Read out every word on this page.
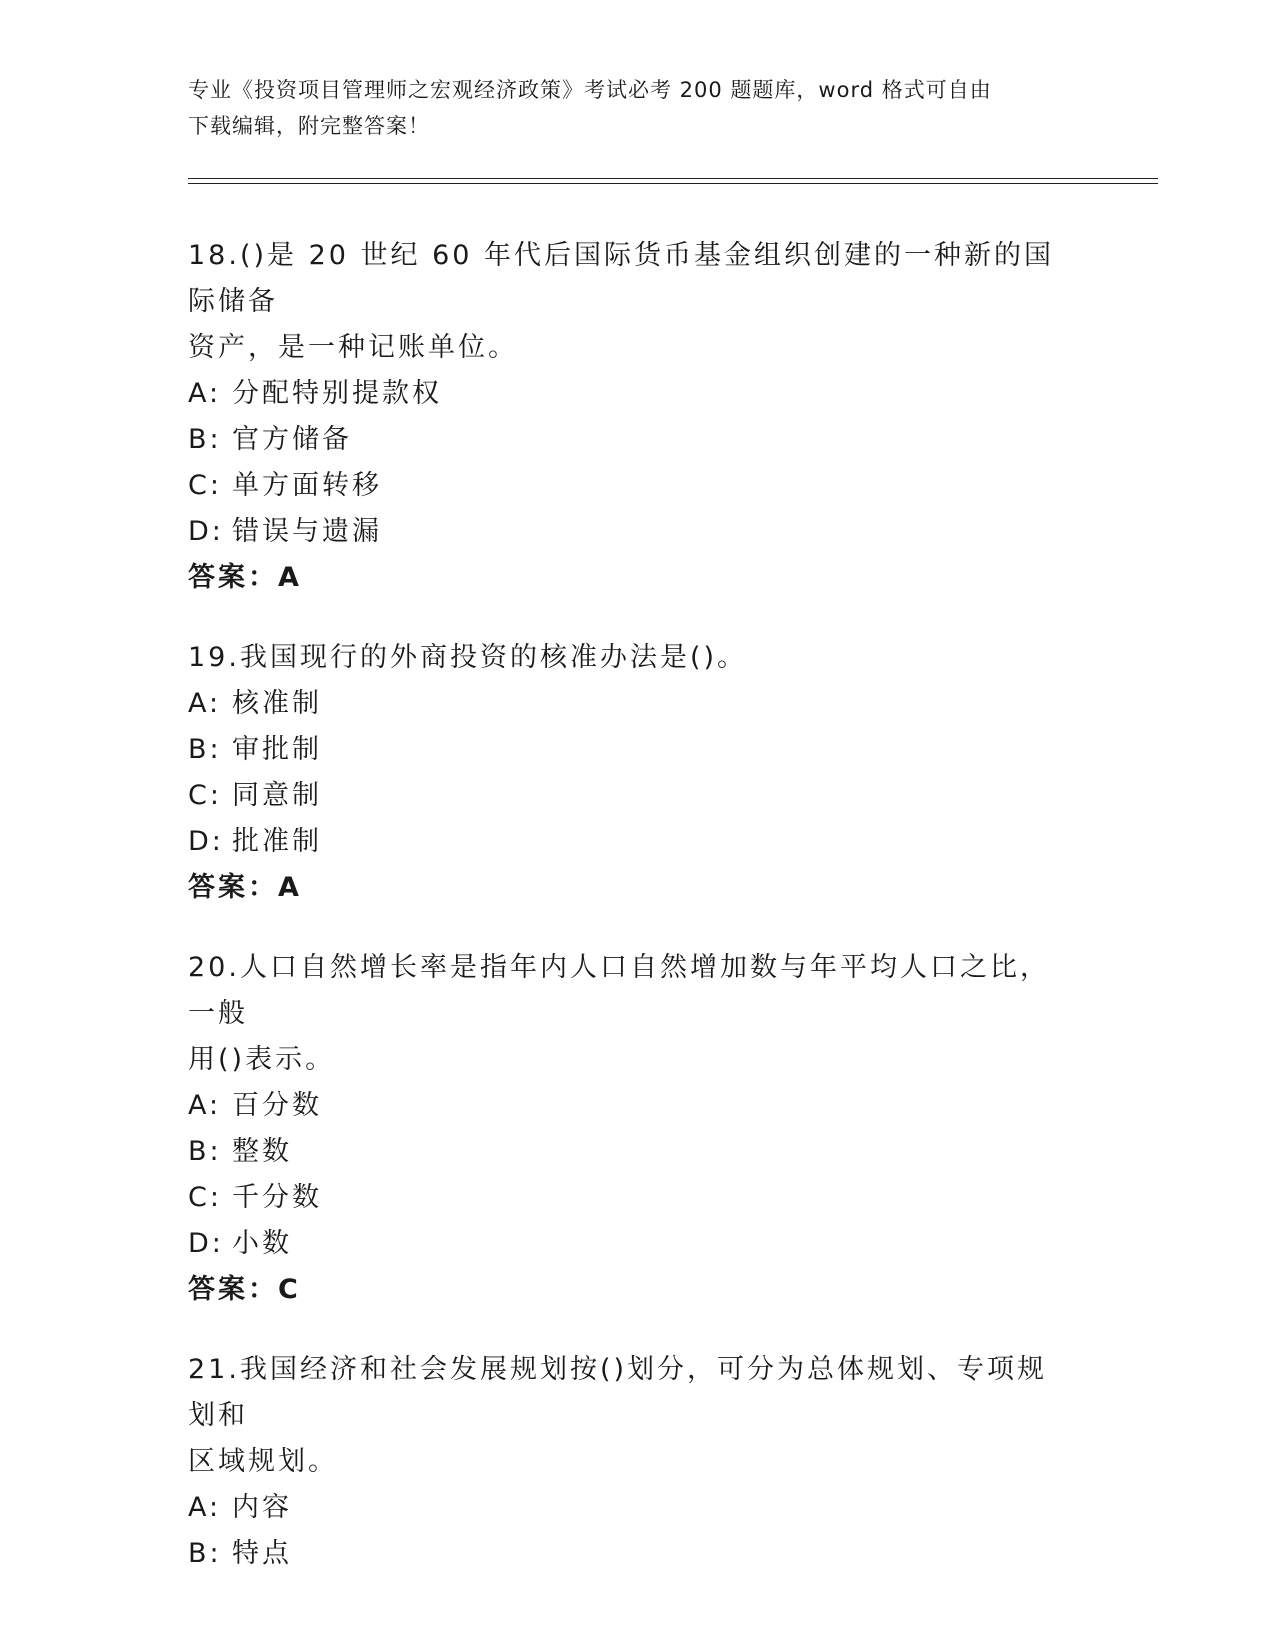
专业《投资项目管理师之宏观经济政策》考试必考 200 题题库，word 格式可自由
下载编辑，附完整答案！
18.()是 20 世纪 60 年代后国际货币基金组织创建的一种新的国际储备
资产，是一种记账单位。
A: 分配特别提款权
B: 官方储备
C: 单方面转移
D: 错误与遗漏
答案：A
19.我国现行的外商投资的核准办法是()。
A: 核准制
B: 审批制
C: 同意制
D: 批准制
答案：A
20.人口自然增长率是指年内人口自然增加数与年平均人口之比，一般
用()表示。
A: 百分数
B: 整数
C: 千分数
D: 小数
答案：C
21.我国经济和社会发展规划按()划分，可分为总体规划、专项规划和
区域规划。
A: 内容
B: 特点
